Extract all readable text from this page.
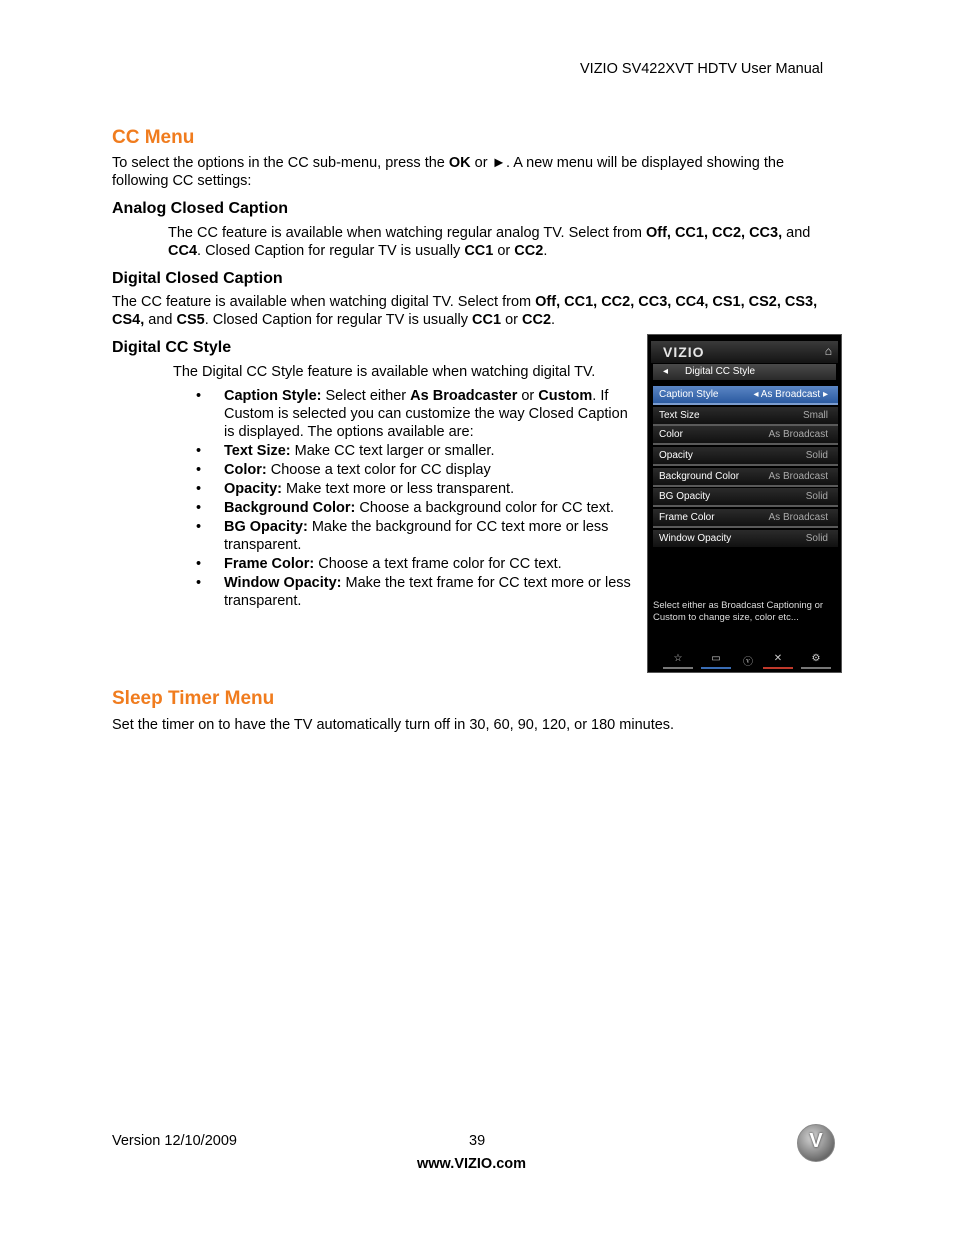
VIZIO SV422XVT HDTV User Manual
CC Menu
To select the options in the CC sub-menu, press the OK or ►. A new menu will be displayed showing the following CC settings:
Analog Closed Caption
The CC feature is available when watching regular analog TV. Select from Off, CC1, CC2, CC3, and CC4. Closed Caption for regular TV is usually CC1 or CC2.
Digital Closed Caption
The CC feature is available when watching digital TV. Select from Off, CC1, CC2, CC3, CC4, CS1, CS2, CS3, CS4, and CS5. Closed Caption for regular TV is usually CC1 or CC2.
Digital CC Style
The Digital CC Style feature is available when watching digital TV.
• Caption Style: Select either As Broadcaster or Custom. If Custom is selected you can customize the way Closed Caption is displayed. The options available are:
• Text Size: Make CC text larger or smaller.
• Color: Choose a text color for CC display
• Opacity: Make text more or less transparent.
• Background Color: Choose a background color for CC text.
• BG Opacity: Make the background for CC text more or less transparent.
• Frame Color: Choose a text frame color for CC text.
• Window Opacity: Make the text frame for CC text more or less transparent.
VIZIO	⌂
◂ Digital CC Style
Caption Style	◂ As Broadcast ▸
Text Size	Small
Color	As Broadcast
Opacity	Solid
Background Color	As Broadcast
BG Opacity	Solid
Frame Color	As Broadcast
Window Opacity	Solid
Select either as Broadcast Captioning or Custom to change size, color etc...
☆	▭	ⓥ	✕	⚙
Sleep Timer Menu
Set the timer on to have the TV automatically turn off in 30, 60, 90, 120, or 180 minutes.
Version 12/10/2009	39
www.VIZIO.com
V
